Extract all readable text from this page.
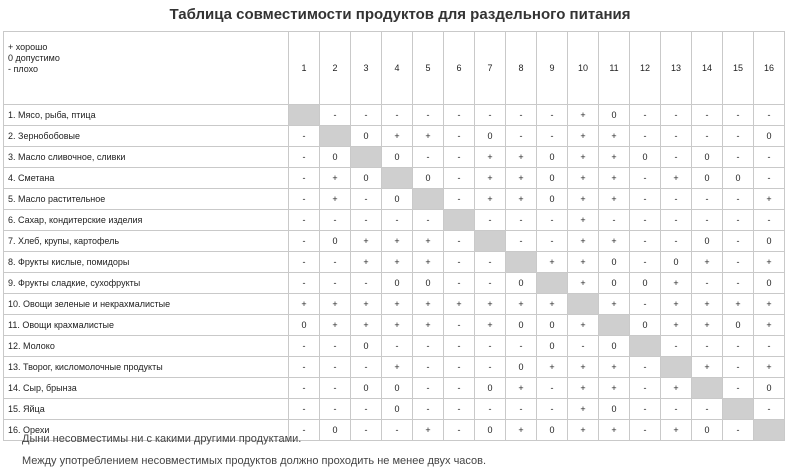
Таблица совместимости продуктов для раздельного питания
+ хорошо
0 допустимо
- плохо	1	2	3	4	5	6	7	8	9	10	11	12	13	14	15	16
1. Мясо, рыба, птица		-	-	-	-	-	-	-	-	+	0	-	-	-	-	-
2. Зернобобовые	-		0	+	+	-	0	-	-	+	+	-	-	-	-	0
3. Масло сливочное, сливки	-	0		0	-	-	+	+	0	+	+	0	-	0	-	-
4. Сметана	-	+	0		0	-	+	+	0	+	+	-	+	0	0	-
5. Масло растительное	-	+	-	0		-	+	+	0	+	+	-	-	-	-	+
6. Сахар, кондитерские изделия	-	-	-	-	-		-	-	-	+	-	-	-	-	-	-
7. Хлеб, крупы, картофель	-	0	+	+	+	-		-	-	+	+	-	-	0	-	0
8. Фрукты кислые, помидоры	-	-	+	+	+	-	-		+	+	0	-	0	+	-	+
9. Фрукты сладкие, сухофрукты	-	-	-	0	0	-	-	0		+	0	0	+	-	-	0
10. Овощи зеленые и некрахмалистые	+	+	+	+	+	+	+	+	+		+	-	+	+	+	+
11. Овощи крахмалистые	0	+	+	+	+	-	+	0	0	+		0	+	+	0	+
12. Молоко	-	-	0	-	-	-	-	-	0	-	0		-	-	-	-
13. Творог, кисломолочные продукты	-	-	-	+	-	-	-	0	+	+	+	-		+	-	+
14. Сыр, брынза	-	-	0	0	-	-	0	+	-	+	+	-	+		-	0
15. Яйца	-	-	-	0	-	-	-	-	-	+	0	-	-	-		-
16. Орехи	-	0	-	-	+	-	0	+	0	+	+	-	+	0	-	
Дыни несовместимы ни с какими другими продуктами.
Между употреблением несовместимых продуктов должно проходить не менее двух часов.
